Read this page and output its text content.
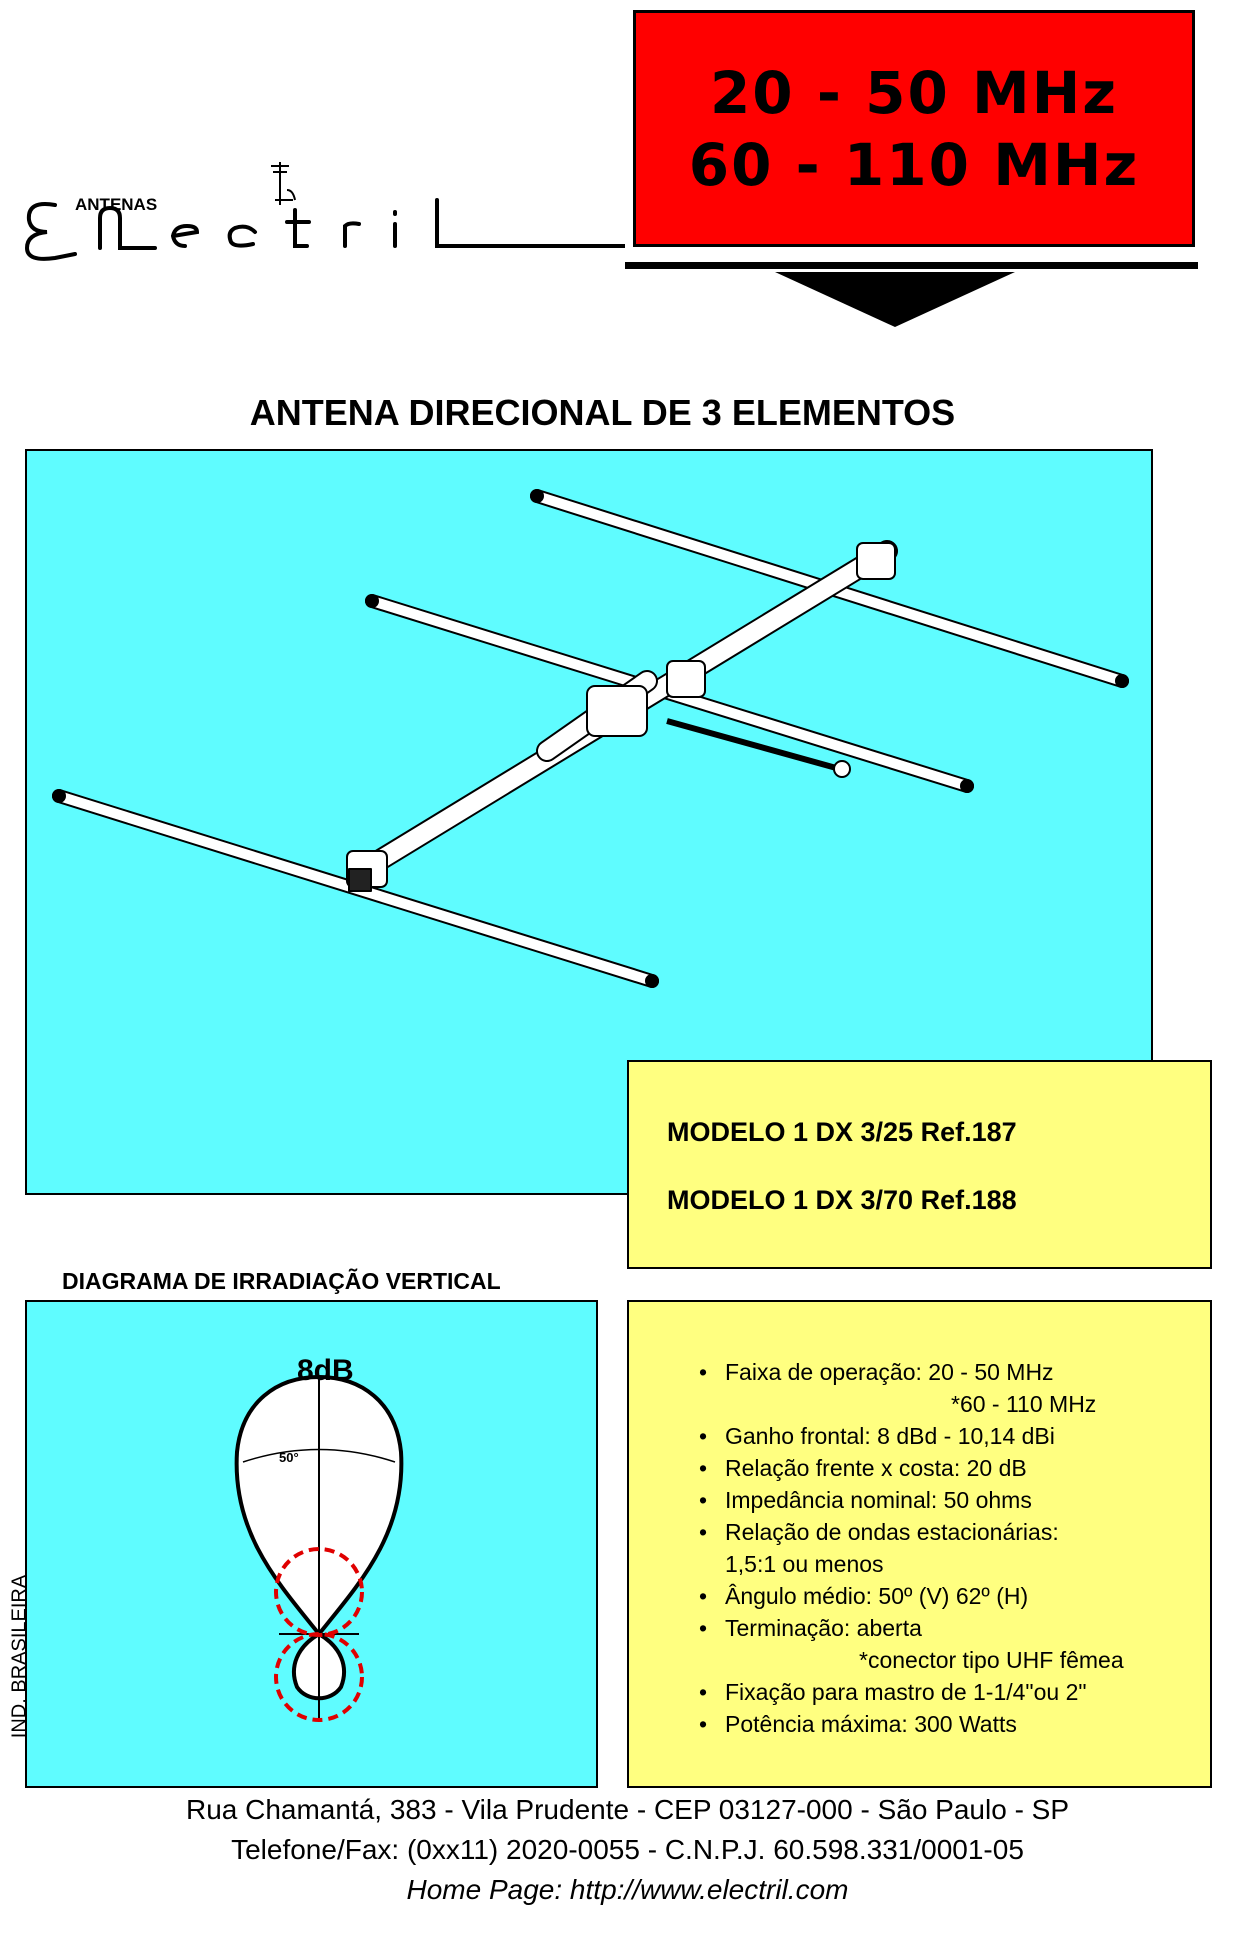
20 - 50 MHz
60 - 110 MHz
ANTENAS
ANTENA DIRECIONAL DE 3 ELEMENTOS
MODELO 1 DX 3/25 Ref.187
MODELO 1 DX 3/70 Ref.188
DIAGRAMA DE IRRADIAÇÃO VERTICAL
8dB
50°
IND. BRASILEIRA
• Faixa de operação: 20 - 50 MHz
*60 - 110 MHz
• Ganho frontal: 8 dBd - 10,14 dBi
• Relação frente x costa: 20 dB
• Impedância nominal: 50 ohms
• Relação de ondas estacionárias:
1,5:1 ou menos
• Ângulo médio: 50º (V) 62º (H)
• Terminação: aberta
*conector tipo UHF fêmea
• Fixação para mastro de 1-1/4"ou 2"
• Potência máxima: 300 Watts
Rua Chamantá, 383 - Vila Prudente - CEP 03127-000 - São Paulo - SP
Telefone/Fax: (0xx11) 2020-0055 - C.N.P.J. 60.598.331/0001-05
Home Page: http://www.electril.com
